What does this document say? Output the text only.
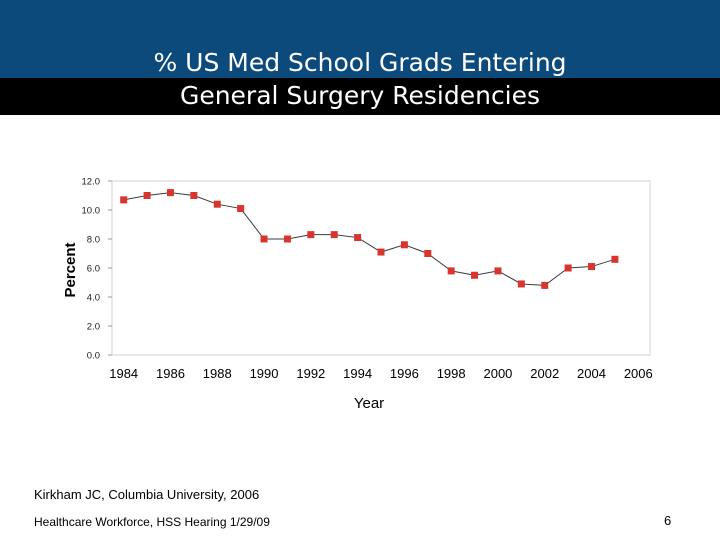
% US Med School Grads Entering
General Surgery Residencies
0.0
2.0
4.0
6.0
8.0
10.0
12.0
1984 1986 1988 1990 1992 1994 1996 1998 2000 2002 2004 2006
Percent
Year
Kirkham JC, Columbia University, 2006
Healthcare Workforce, HSS Hearing 1/29/09	6
